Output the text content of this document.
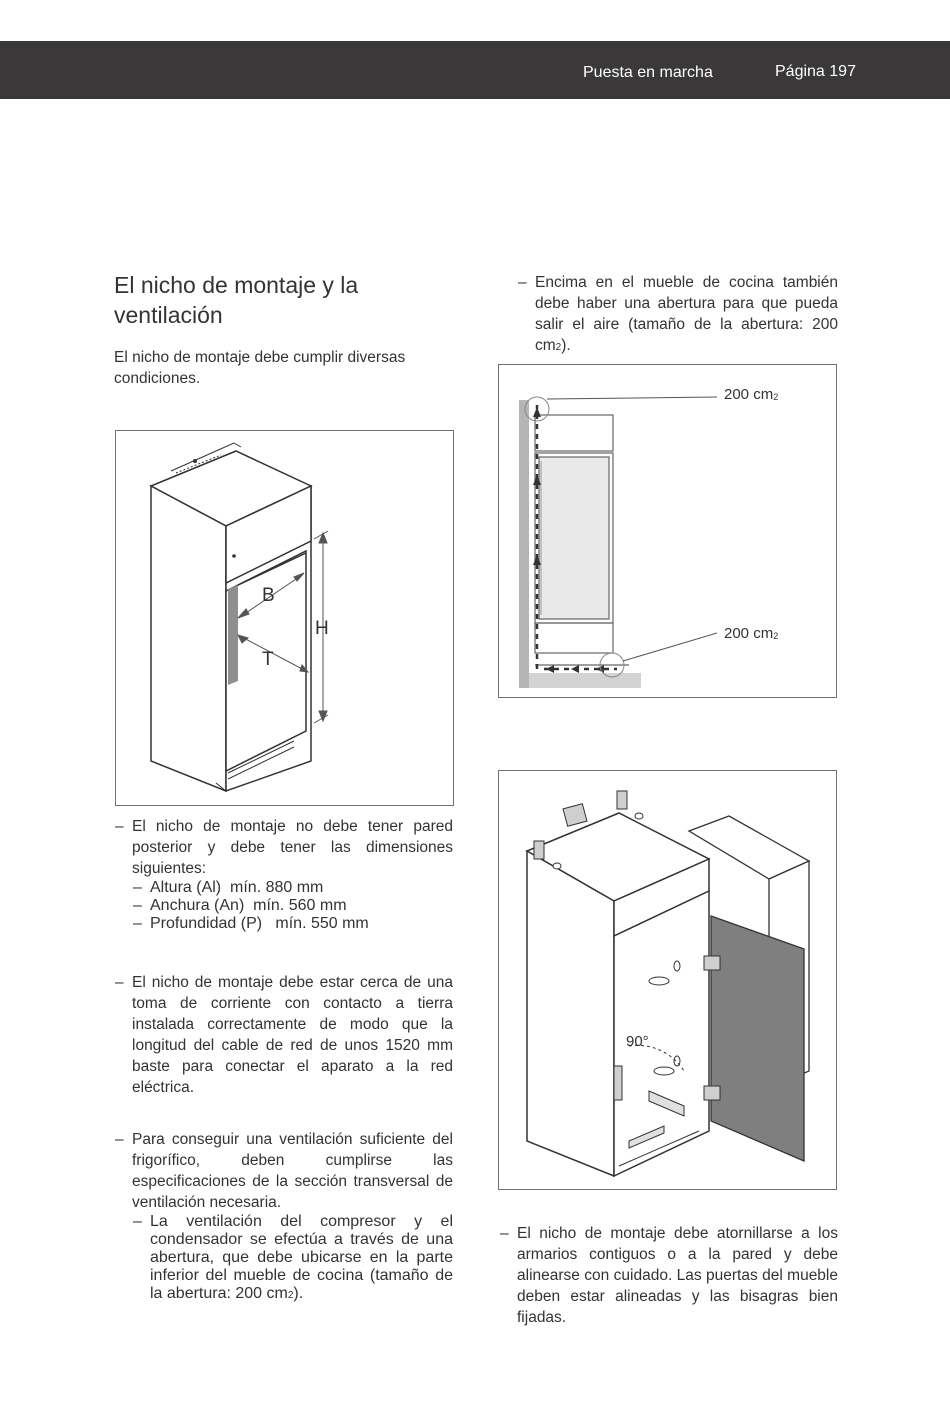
Puesta en marcha	Página 197
El nicho de montaje y la ventilación
El nicho de montaje debe cumplir diversas condiciones.
H
B
T
– El nicho de montaje no debe tener pared posterior y debe tener las dimensiones siguientes:
– Altura (Al)  mín. 880 mm
– Anchura (An)  mín. 560 mm
– Profundidad (P)   mín. 550 mm
– El nicho de montaje debe estar cerca de una toma de corriente con contacto a tierra instalada correctamente de modo que la longitud del cable de red de unos 1520 mm baste para conectar el aparato a la red eléctrica.
– Para conseguir una ventilación suficiente del frigorífico, deben cumplirse las especificaciones de la sección transversal de ventilación necesaria.
– La ventilación del compresor y el condensador se efectúa a través de una abertura, que debe ubicarse en la parte inferior del mueble de cocina (tamaño de la abertura: 200 cm2).
– Encima en el mueble de cocina también debe haber una abertura para que pueda salir el aire (tamaño de la abertura: 200 cm2).
200 cm2
200 cm2
90°
– El nicho de montaje debe atornillarse a los armarios contiguos o a la pared y debe alinearse con cuidado. Las puertas del mueble deben estar alineadas y las bisagras bien fijadas.
